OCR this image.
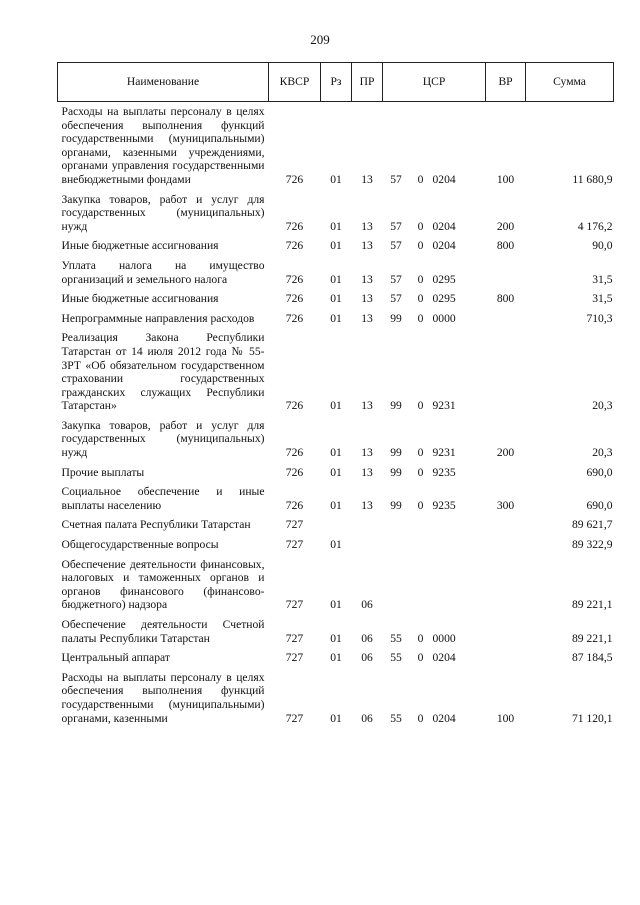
209
Наименование	КВСР	Рз	ПР	ЦСР			ВР	Сумма
Расходы на выплаты персоналу в целях обеспечения выполнения функций государственными (муниципальными) органами, казенными учреждениями, органами управления государственными внебюджетными фондами	726	01	13	57	0	0204	100	11 680,9
Закупка товаров, работ и услуг для государственных (муниципальных) нужд	726	01	13	57	0	0204	200	4 176,2
Иные бюджетные ассигнования	726	01	13	57	0	0204	800	90,0
Уплата налога на имущество организаций и земельного налога	726	01	13	57	0	0295		31,5
Иные бюджетные ассигнования	726	01	13	57	0	0295	800	31,5
Непрограммные направления расходов	726	01	13	99	0	0000		710,3
Реализация Закона Республики Татарстан от 14 июля 2012 года № 55-ЗРТ «Об обязательном государственном страховании государственных гражданских служащих Республики Татарстан»	726	01	13	99	0	9231		20,3
Закупка товаров, работ и услуг для государственных (муниципальных) нужд	726	01	13	99	0	9231	200	20,3
Прочие выплаты	726	01	13	99	0	9235		690,0
Социальное обеспечение и иные выплаты населению	726	01	13	99	0	9235	300	690,0
Счетная палата Республики Татарстан	727							89 621,7
Общегосударственные вопросы	727	01						89 322,9
Обеспечение деятельности финансовых, налоговых и таможенных органов и органов финансового (финансово-бюджетного) надзора	727	01	06					89 221,1
Обеспечение деятельности Счетной палаты Республики Татарстан	727	01	06	55	0	0000		89 221,1
Центральный аппарат	727	01	06	55	0	0204		87 184,5
Расходы на выплаты персоналу в целях обеспечения выполнения функций государственными (муниципальными) органами, казенными	727	01	06	55	0	0204	100	71 120,1
